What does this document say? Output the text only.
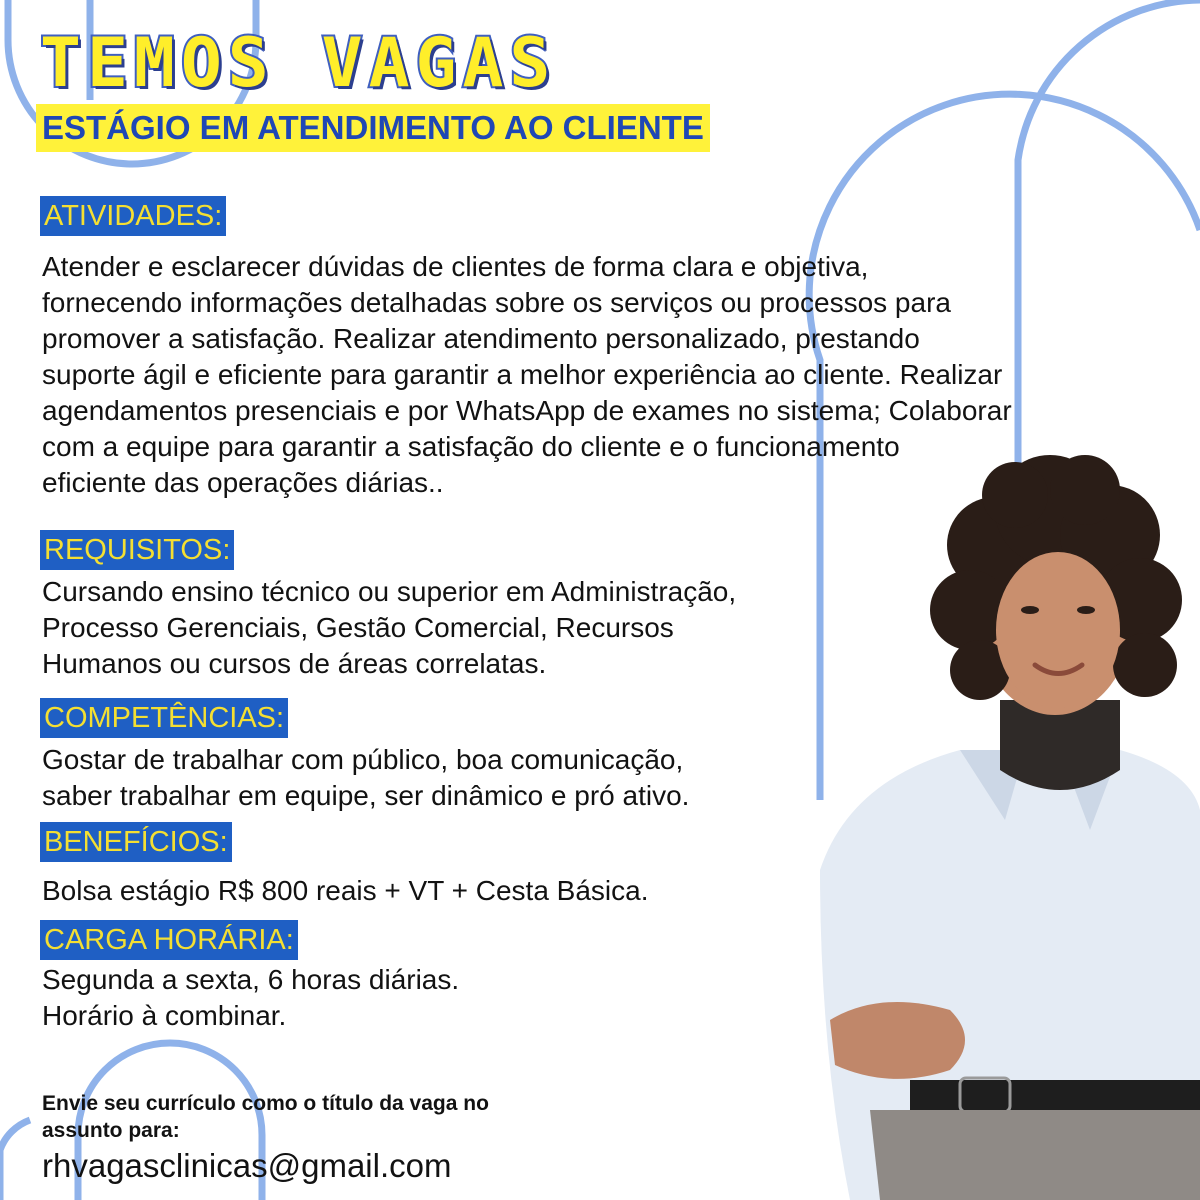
TEMOS VAGAS
ESTÁGIO EM ATENDIMENTO AO CLIENTE
ATIVIDADES:

Atender e esclarecer dúvidas de clientes de forma clara e objetiva,
fornecendo informações detalhadas sobre os serviços ou processos para
promover a satisfação. Realizar atendimento personalizado, prestando
suporte ágil e eficiente para garantir a melhor experiência ao cliente. Realizar
agendamentos presenciais e por WhatsApp de exames no sistema; Colaborar
com a equipe para garantir a satisfação do cliente e o funcionamento
eficiente das operações diárias..

REQUISITOS:

Cursando ensino técnico ou superior em Administração,
Processo Gerenciais, Gestão Comercial, Recursos
Humanos ou cursos de áreas correlatas.

COMPETÊNCIAS:

Gostar de trabalhar com público, boa comunicação,
saber trabalhar em equipe, ser dinâmico e pró ativo.

BENEFÍCIOS:

Bolsa estágio R$ 800 reais + VT + Cesta Básica.

CARGA HORÁRIA:

Segunda a sexta, 6 horas diárias.
Horário à combinar.

Envie seu currículo como o título da vaga no assunto para:

rhvagasclinicas@gmail.com
